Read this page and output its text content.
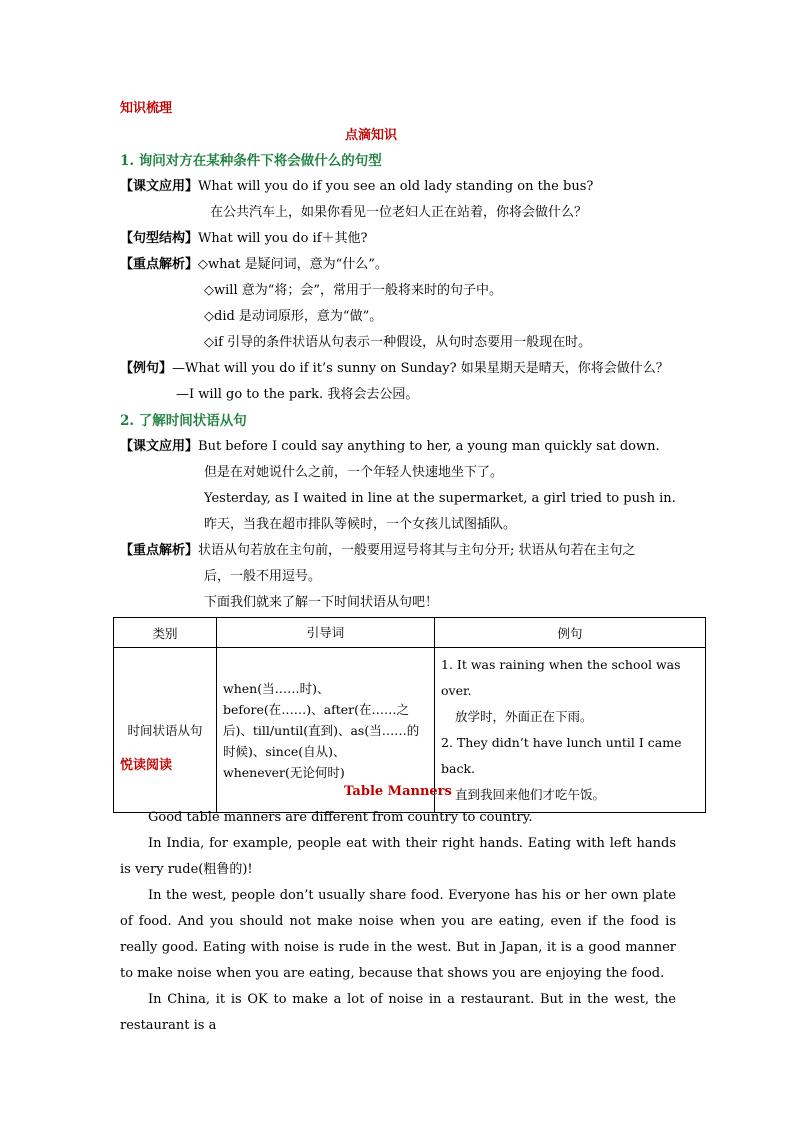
知识梳理
点滴知识
1. 询问对方在某种条件下将会做什么的句型
【课文应用】What will you do if you see an old lady standing on the bus?
在公共汽车上，如果你看见一位老妇人正在站着，你将会做什么？
【句型结构】What will you do if＋其他?
【重点解析】◇what 是疑问词，意为“什么”。
◇will 意为“将；会”，常用于一般将来时的句子中。
◇did 是动词原形，意为“做”。
◇if 引导的条件状语从句表示一种假设，从句时态要用一般现在时。
【例句】—What will you do if it’s sunny on Sunday? 如果星期天是晴天，你将会做什么？
—I will go to the park. 我将会去公园。
2. 了解时间状语从句
【课文应用】But before I could say anything to her, a young man quickly sat down.
但是在对她说什么之前，一个年轻人快速地坐下了。
Yesterday, as I waited in line at the supermarket, a girl tried to push in.
昨天，当我在超市排队等候时，一个女孩儿试图插队。
【重点解析】状语从句若放在主句前，一般要用逗号将其与主句分开; 状语从句若在主句之
后，一般不用逗号。
下面我们就来了解一下时间状语从句吧！
类别	引导词	例句
时间状语从句	when(当……时)、before(在……)、after(在……之后)、till/until(直到)、as(当……的时候)、since(自从)、 whenever(无论何时)	1. It was raining when the school was over.
放学时，外面正在下雨。
2. They didn’t have lunch until I came back.
直到我回来他们才吃午饭。
悦读阅读
Table Manners
Good table manners are different from country to country.
In India, for example, people eat with their right hands. Eating with left hands is very rude(粗鲁的)!
In the west, people don’t usually share food. Everyone has his or her own plate of food. And you should not make noise when you are eating, even if the food is really good. Eating with noise is rude in the west. But in Japan, it is a good manner to make noise when you are eating, because that shows you are enjoying the food.
In China, it is OK to make a lot of noise in a restaurant. But in the west, the restaurant is a
